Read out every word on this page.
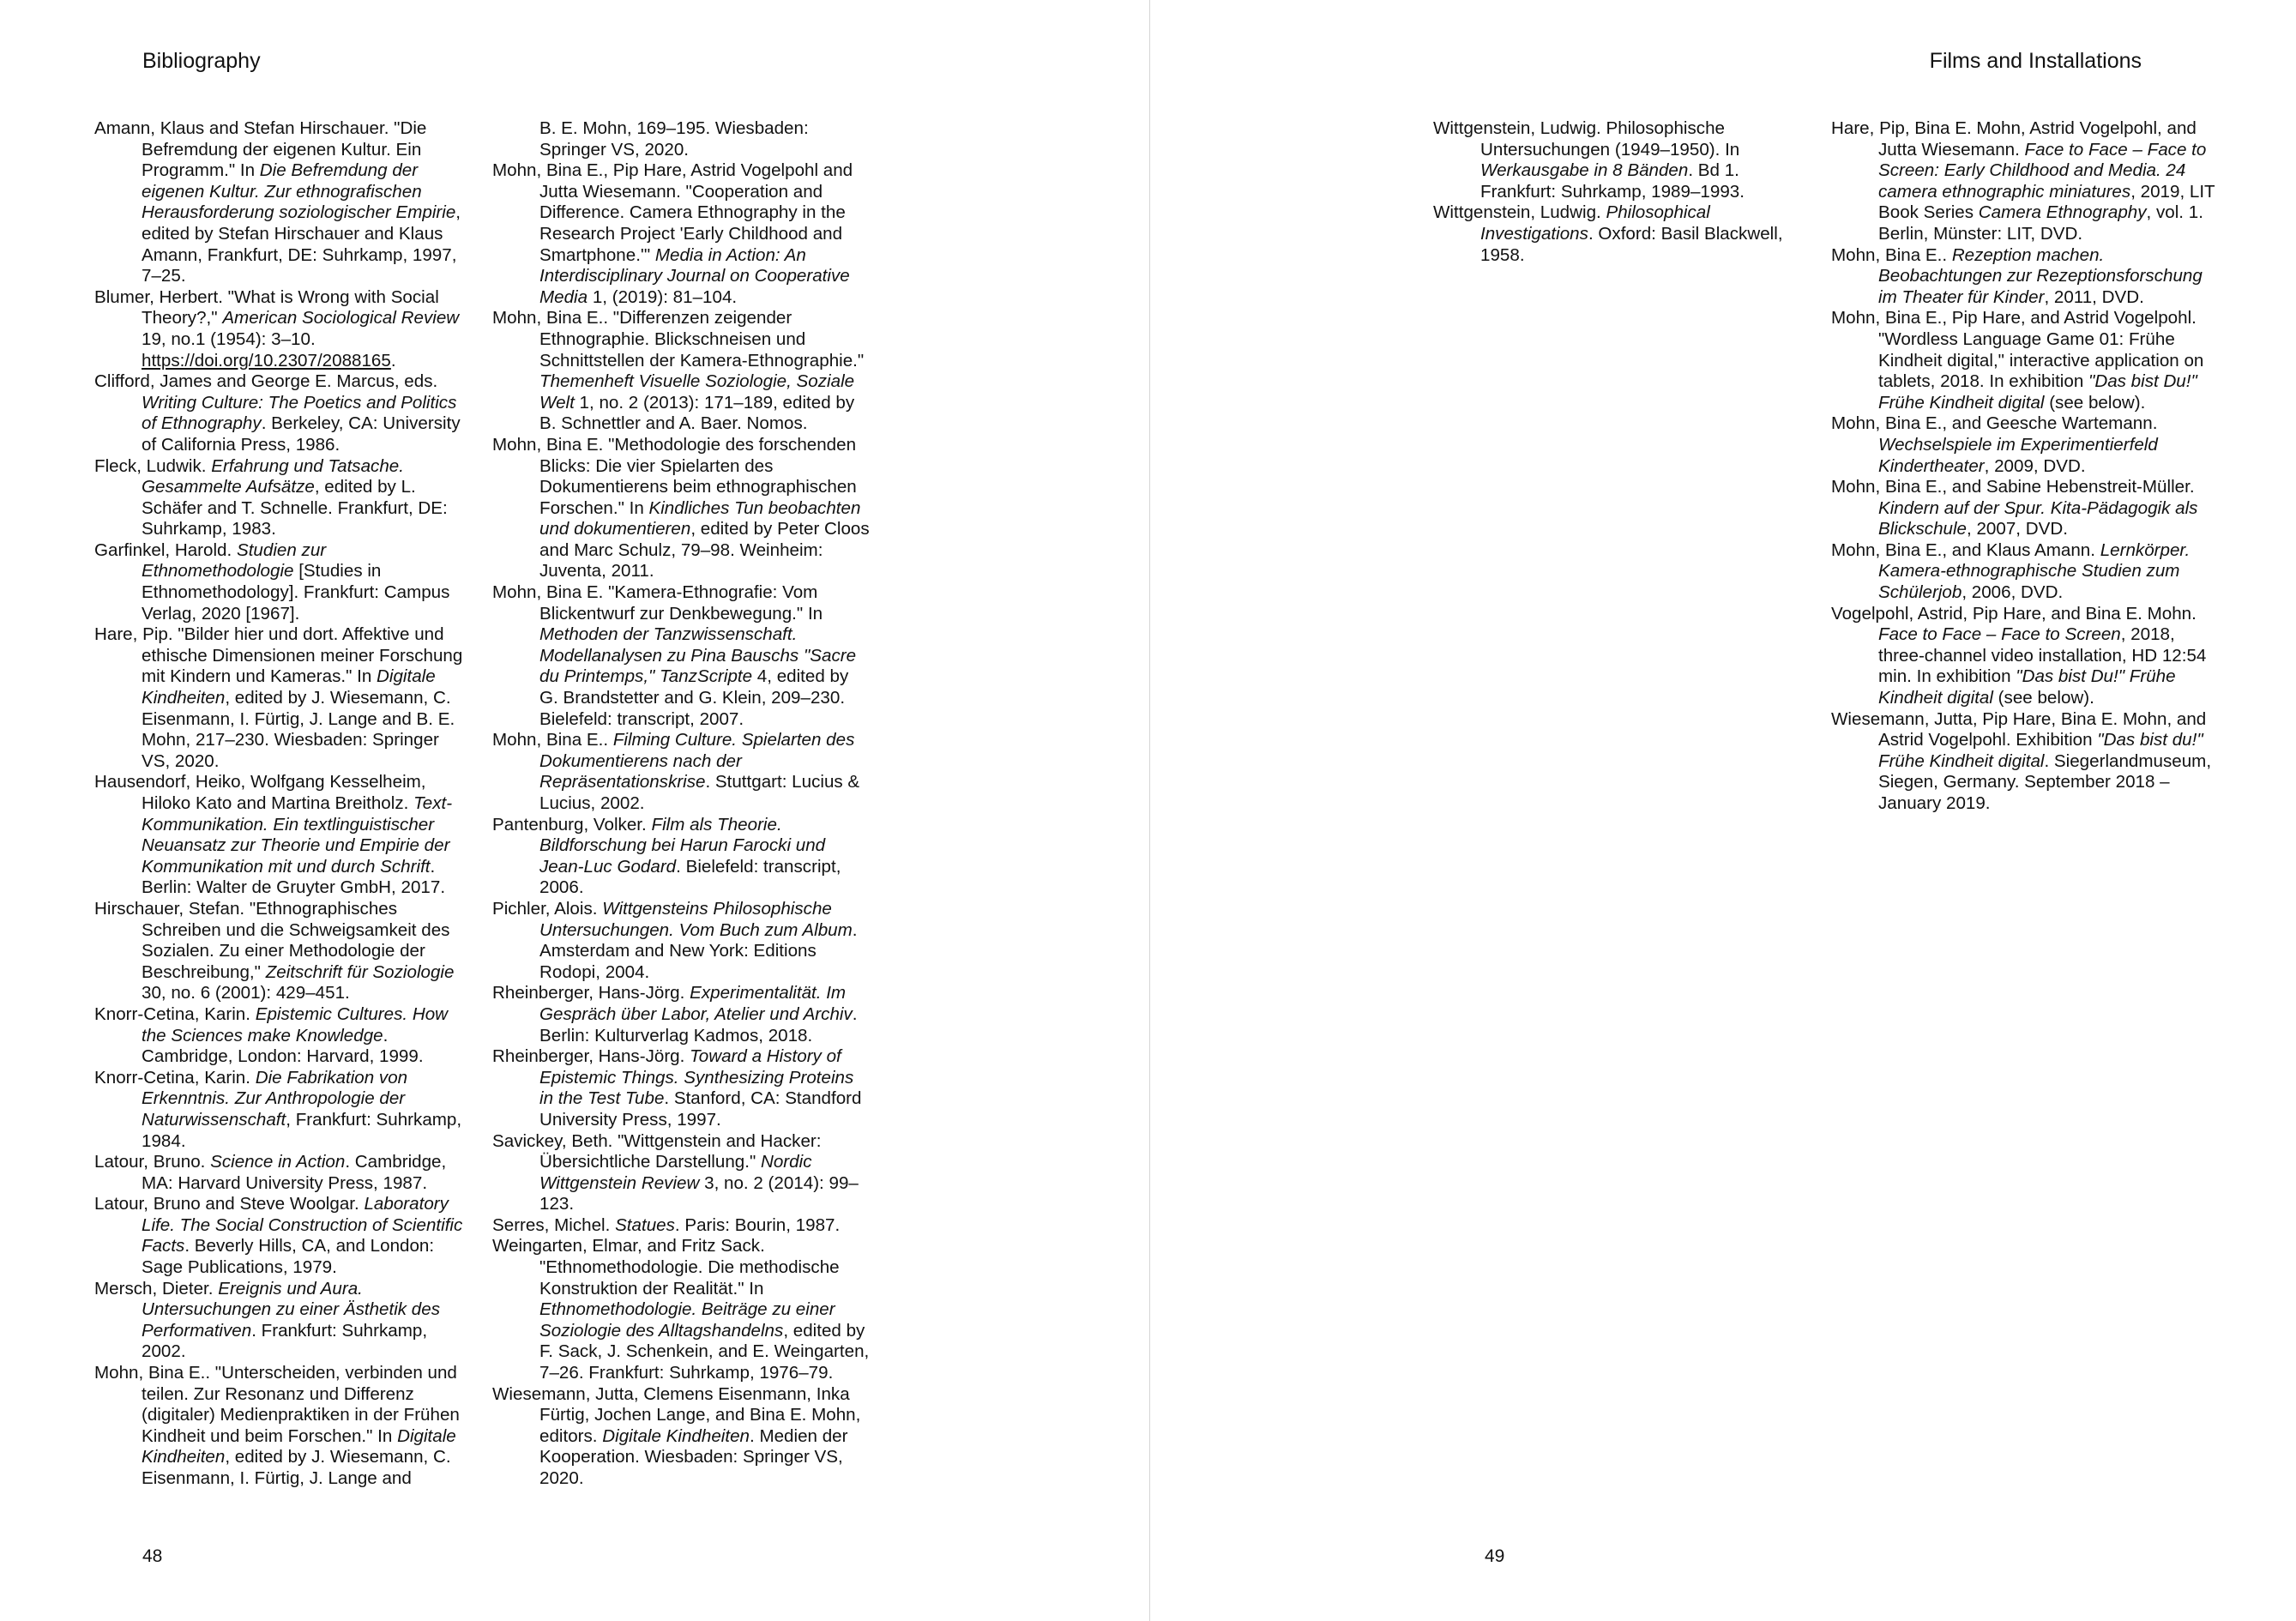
Bibliography

Amann, Klaus and Stefan Hirschauer. "Die Befremdung der eigenen Kultur. Ein Programm." In Die Befremdung der eigenen Kultur. Zur ethnografischen Herausforderung soziologischer Empirie, edited by Stefan Hirschauer and Klaus Amann, Frankfurt, DE: Suhrkamp, 1997, 7–25.

Blumer, Herbert. "What is Wrong with Social Theory?," American Sociological Review 19, no.1 (1954): 3–10. https://doi.org/10.2307/2088165.

Clifford, James and George E. Marcus, eds. Writing Culture: The Poetics and Politics of Ethnography. Berkeley, CA: University of California Press, 1986.

Fleck, Ludwik. Erfahrung und Tatsache. Gesammelte Aufsätze, edited by L. Schäfer and T. Schnelle. Frankfurt, DE: Suhrkamp, 1983.

Garfinkel, Harold. Studien zur Ethnomethodologie [Studies in Ethnomethodology]. Frankfurt: Campus Verlag, 2020 [1967].

Hare, Pip. "Bilder hier und dort. Affektive und ethische Dimensionen meiner Forschung mit Kindern und Kameras." In Digitale Kindheiten, edited by J. Wiesemann, C. Eisenmann, I. Fürtig, J. Lange and B. E. Mohn, 217–230. Wiesbaden: Springer VS, 2020.

Hausendorf, Heiko, Wolfgang Kesselheim, Hiloko Kato and Martina Breitholz. Text-Kommunikation. Ein textlinguistischer Neuansatz zur Theorie und Empirie der Kommunikation mit und durch Schrift. Berlin: Walter de Gruyter GmbH, 2017.

Hirschauer, Stefan. "Ethnographisches Schreiben und die Schweigsamkeit des Sozialen. Zu einer Methodologie der Beschreibung," Zeitschrift für Soziologie 30, no. 6 (2001): 429–451.

Knorr-Cetina, Karin. Epistemic Cultures. How the Sciences make Knowledge. Cambridge, London: Harvard, 1999.

Knorr-Cetina, Karin. Die Fabrikation von Erkenntnis. Zur Anthropologie der Naturwissenschaft, Frankfurt: Suhrkamp, 1984.

Latour, Bruno. Science in Action. Cambridge, MA: Harvard University Press, 1987.

Latour, Bruno and Steve Woolgar. Laboratory Life. The Social Construction of Scientific Facts. Beverly Hills, CA, and London: Sage Publications, 1979.

Mersch, Dieter. Ereignis und Aura. Untersuchungen zu einer Ästhetik des Performativen. Frankfurt: Suhrkamp, 2002.

Mohn, Bina E.. "Unterscheiden, verbinden und teilen. Zur Resonanz und Differenz (digitaler) Medienpraktiken in der Frühen Kindheit und beim Forschen." In Digitale Kindheiten, edited by J. Wiesemann, C. Eisenmann, I. Fürtig, J. Lange and

B. E. Mohn, 169–195. Wiesbaden: Springer VS, 2020.

Mohn, Bina E., Pip Hare, Astrid Vogelpohl and Jutta Wiesemann. "Cooperation and Difference. Camera Ethnography in the Research Project 'Early Childhood and Smartphone.'" Media in Action: An Interdisciplinary Journal on Cooperative Media 1, (2019): 81–104.

Mohn, Bina E.. "Differenzen zeigender Ethnographie. Blickschneisen und Schnittstellen der Kamera-Ethnographie." Themenheft Visuelle Soziologie, Soziale Welt 1, no. 2 (2013): 171–189, edited by B. Schnettler and A. Baer. Nomos.

Mohn, Bina E. "Methodologie des forschenden Blicks: Die vier Spielarten des Dokumentierens beim ethnographischen Forschen." In Kindliches Tun beobachten und dokumentieren, edited by Peter Cloos and Marc Schulz, 79–98. Weinheim: Juventa, 2011.

Mohn, Bina E. "Kamera-Ethnografie: Vom Blickentwurf zur Denkbewegung." In Methoden der Tanzwissenschaft. Modellanalysen zu Pina Bauschs "Sacre du Printemps," TanzScripte 4, edited by G. Brandstetter and G. Klein, 209–230. Bielefeld: transcript, 2007.

Mohn, Bina E.. Filming Culture. Spielarten des Dokumentierens nach der Repräsentationskrise. Stuttgart: Lucius & Lucius, 2002.

Pantenburg, Volker. Film als Theorie. Bildforschung bei Harun Farocki und Jean-Luc Godard. Bielefeld: transcript, 2006.

Pichler, Alois. Wittgensteins Philosophische Untersuchungen. Vom Buch zum Album. Amsterdam and New York: Editions Rodopi, 2004.

Rheinberger, Hans-Jörg. Experimentalität. Im Gespräch über Labor, Atelier und Archiv. Berlin: Kulturverlag Kadmos, 2018.

Rheinberger, Hans-Jörg. Toward a History of Epistemic Things. Synthesizing Proteins in the Test Tube. Stanford, CA: Standford University Press, 1997.

Savickey, Beth. "Wittgenstein and Hacker: Übersichtliche Darstellung." Nordic Wittgenstein Review 3, no. 2 (2014): 99–123.

Serres, Michel. Statues. Paris: Bourin, 1987.

Weingarten, Elmar, and Fritz Sack. "Ethnomethodologie. Die methodische Konstruktion der Realität." In Ethnomethodologie. Beiträge zu einer Soziologie des Alltagshandelns, edited by F. Sack, J. Schenkein, and E. Weingarten, 7–26. Frankfurt: Suhrkamp, 1976–79.

Wiesemann, Jutta, Clemens Eisenmann, Inka Fürtig, Jochen Lange, and Bina E. Mohn, editors. Digitale Kindheiten. Medien der Kooperation. Wiesbaden: Springer VS, 2020.

48
Films and Installations

Wittgenstein, Ludwig. Philosophische Untersuchungen (1949–1950). In Werkausgabe in 8 Bänden. Bd 1. Frankfurt: Suhrkamp, 1989–1993.

Wittgenstein, Ludwig. Philosophical Investigations. Oxford: Basil Blackwell, 1958.

Hare, Pip, Bina E. Mohn, Astrid Vogelpohl, and Jutta Wiesemann. Face to Face – Face to Screen: Early Childhood and Media. 24 camera ethnographic miniatures, 2019, LIT Book Series Camera Ethnography, vol. 1. Berlin, Münster: LIT, DVD.

Mohn, Bina E.. Rezeption machen. Beobachtungen zur Rezeptionsforschung im Theater für Kinder, 2011, DVD.

Mohn, Bina E., Pip Hare, and Astrid Vogelpohl. "Wordless Language Game 01: Frühe Kindheit digital," interactive application on tablets, 2018. In exhibition "Das bist Du!" Frühe Kindheit digital (see below).

Mohn, Bina E., and Geesche Wartemann. Wechselspiele im Experimentierfeld Kindertheater, 2009, DVD.

Mohn, Bina E., and Sabine Hebenstreit-Müller. Kindern auf der Spur. Kita-Pädagogik als Blickschule, 2007, DVD.

Mohn, Bina E., and Klaus Amann. Lernkörper. Kamera-ethnographische Studien zum Schülerjob, 2006, DVD.

Vogelpohl, Astrid, Pip Hare, and Bina E. Mohn. Face to Face – Face to Screen, 2018, three-channel video installation, HD 12:54 min. In exhibition "Das bist Du!" Frühe Kindheit digital (see below).

Wiesemann, Jutta, Pip Hare, Bina E. Mohn, and Astrid Vogelpohl. Exhibition "Das bist du!" Frühe Kindheit digital. Siegerlandmuseum, Siegen, Germany. September 2018 – January 2019.

49
